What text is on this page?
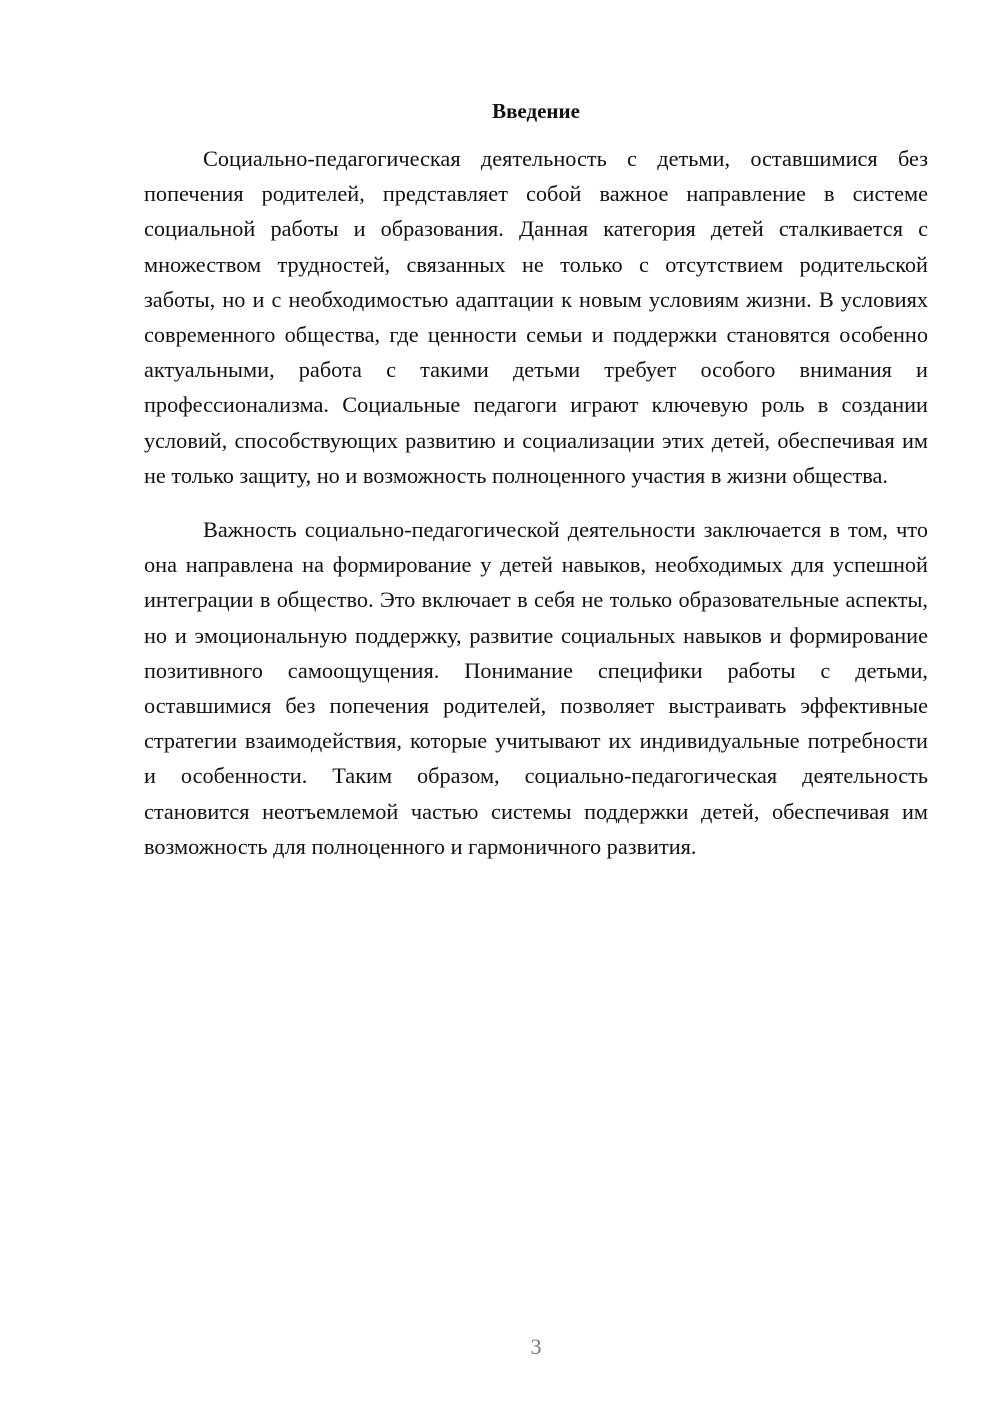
Введение

Социально-педагогическая деятельность с детьми, оставшимися без попечения родителей, представляет собой важное направление в системе социальной работы и образования. Данная категория детей сталкивается с множеством трудностей, связанных не только с отсутствием родительской заботы, но и с необходимостью адаптации к новым условиям жизни. В условиях современного общества, где ценности семьи и поддержки становятся особенно актуальными, работа с такими детьми требует особого внимания и профессионализма. Социальные педагоги играют ключевую роль в создании условий, способствующих развитию и социализации этих детей, обеспечивая им не только защиту, но и возможность полноценного участия в жизни общества.

Важность социально-педагогической деятельности заключается в том, что она направлена на формирование у детей навыков, необходимых для успешной интеграции в общество. Это включает в себя не только образовательные аспекты, но и эмоциональную поддержку, развитие социальных навыков и формирование позитивного самоощущения. Понимание специфики работы с детьми, оставшимися без попечения родителей, позволяет выстраивать эффективные стратегии взаимодействия, которые учитывают их индивидуальные потребности и особенности. Таким образом, социально-педагогическая деятельность становится неотъемлемой частью системы поддержки детей, обеспечивая им возможность для полноценного и гармоничного развития.

3
